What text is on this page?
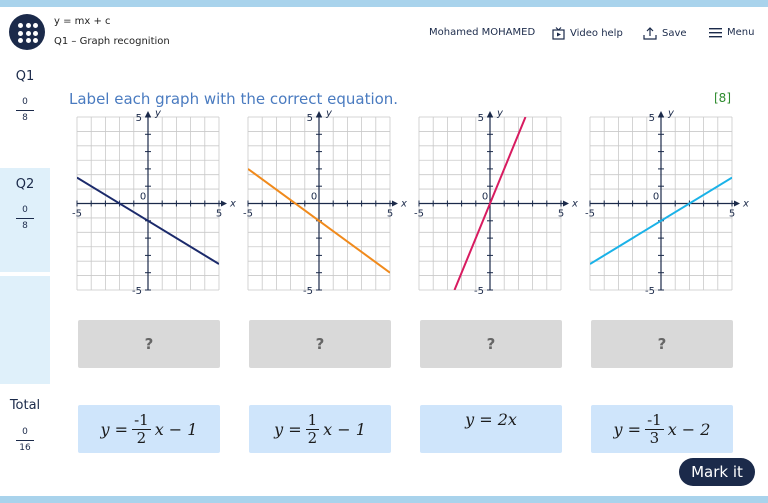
y = mx + c
Q1 – Graph recognition
Mohamed MOHAMED	Video help	Save	Menu
Q1
0
8
Q2
0
8
Total
0
16
Label each graph with the correct equation.	[8]
-5	5
0
5
-5
x
y
-5	5
0
5
-5
x
y
-5	5
0
5
-5
x
y
-5	5
0
5
-5
x
y
?	?	?	?
$y = \frac{-1}{2}$ x − 1	$y = \frac{1}{2}$ x − 1	y = 2x	$y = \frac{-1}{3}$ x − 2
Mark it
